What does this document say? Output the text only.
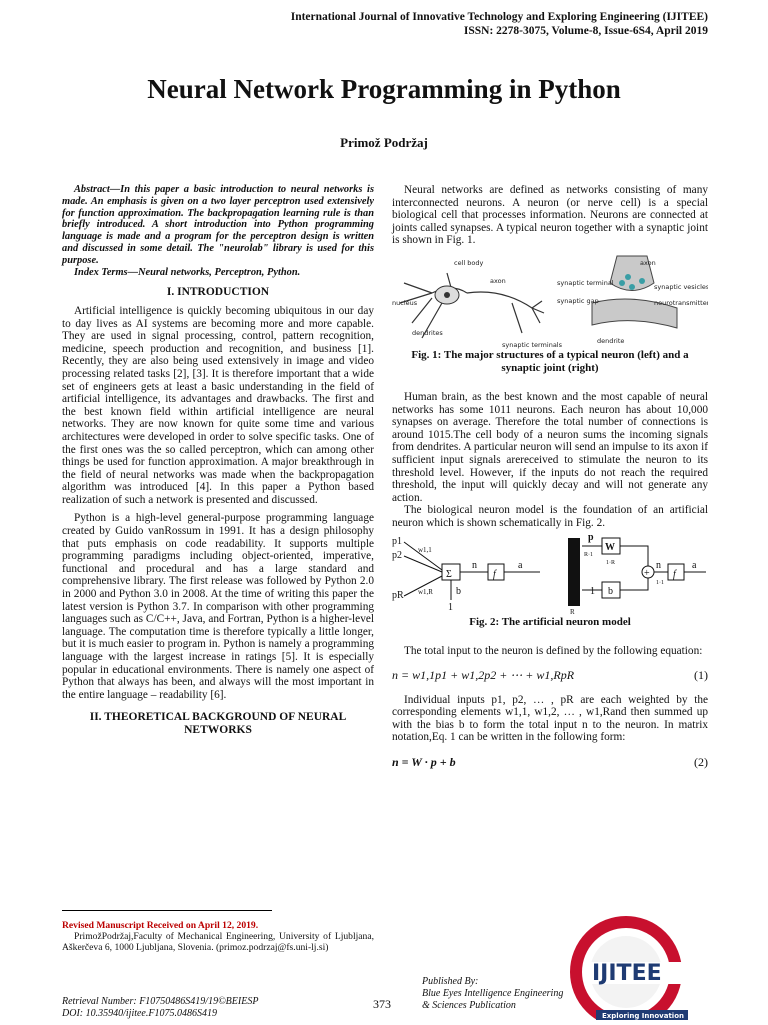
International Journal of Innovative Technology and Exploring Engineering (IJITEE)
ISSN: 2278-3075, Volume-8, Issue-6S4, April 2019
Neural Network Programming in Python
Primož Podržaj

Abstract—In this paper a basic introduction to neural networks is made. An emphasis is given on a two layer perceptron used extensively for function approximation. The backpropagation learning rule is than briefly introduced. A short introduction into Python programming language is made and a program for the perceptron design is written and discussed in some detail. The "neurolab" library is used for this purpose.

Index Terms—Neural networks, Perceptron, Python.

I. INTRODUCTION

Artificial intelligence is quickly becoming ubiquitous in our day to day lives as AI systems are becoming more and more capable. They are used in signal processing, control, pattern recognition, medicine, speech production and recognition, and business [1]. Recently, they are also being used extensively in image and video processing related tasks [2], [3]. It is therefore important that a wide set of engineers gets at least a basic understanding in the field of artificial intelligence, its advantages and drawbacks. The first and the best known field within artificial intelligence are neural networks. They are now known for quite some time and various architectures were developed in order to solve specific tasks. One of the first ones was the so called perceptron, which can among other things be used for function approximation. A major breakthrough in the field of neural networks was made when the backpropagation algorithm was introduced [4]. In this paper a Python based realization of such a network is presented and discussed.

Python is a high-level general-purpose programming language created by Guido vanRossum in 1991. It has a design philosophy that puts emphasis on code readability. It supports multiple programming paradigms including object-oriented, imperative, functional and procedural and has a large standard and comprehensive library. The first release was followed by Python 2.0 in 2000 and Python 3.0 in 2008. At the time of writing this paper the latest version is Python 3.7. In comparison with other programming languages such as C/C++, Java, and Fortran, Python is a higher-level language. The computation time is therefore typically a little longer, but it is much easier to program in. Python is namely a programming language with the largest increase in ratings [5]. It is especially popular in educational environments. There is namely one aspect of Python that always has been, and always will the most important in the entire language – readability [6].

II. THEORETICAL BACKGROUND OF NEURAL NETWORKS

Neural networks are defined as networks consisting of many interconnected neurons. A neuron (or nerve cell) is a special biological cell that processes information. Neurons are connected at joints called synapses. A typical neuron together with a synaptic joint is shown in Fig. 1.

cell body
axon
nucleus
dendrites
synaptic terminals
axon
synaptic terminal	synaptic vesicles
synaptic gap	neurotransmitters
dendrite
Fig. 1: The major structures of a typical neuron (left) and a synaptic joint (right)

Human brain, as the best known and the most capable of neural networks has some 1011 neurons. Each neuron has about 10,000 synapses on average. Therefore the total number of connections is around 1015.The cell body of a neuron sums the incoming signals from dendrites. A particular neuron will send an impulse to its axon if sufficient input signals arereceived to stimulate the neuron to its threshold level. However, if the inputs do not reach the required threshold, the input will quickly decay and will not generate any action.

The biological neuron model is the foundation of an artificial neuron which is shown schematically in Fig. 2.

p1
p2
pR
w1,1
w1,R
Σ
n
f
a
b
1
p
R·1
W
1·R
+
n
1·1
f
a
b
1
R
Fig. 2: The artificial neuron model

The total input to the neuron is defined by the following equation:

n = w1,1p1 + w1,2p2 + ⋯ + w1,RpR	(1)

Individual inputs p1, p2, … , pR are each weighted by the corresponding elements w1,1, w1,2, … , w1,Rand then summed up with the bias b to form the total input n to the neuron. In matrix notation,Eq. 1 can be written in the following form:

n = W · p + b	(2)
Revised Manuscript Received on April 12, 2019.
PrimožPodržaj,Faculty of Mechanical Engineering, University of Ljubljana, Aškerčeva 6, 1000 Ljubljana, Slovenia. (primoz.podrzaj@fs.uni-lj.si)
Retrieval Number: F10750486S419/19©BEIESP
DOI: 10.35940/ijitee.F1075.0486S419
373
Published By:
Blue Eyes Intelligence Engineering
& Sciences Publication
IJITEE
Exploring Innovation
